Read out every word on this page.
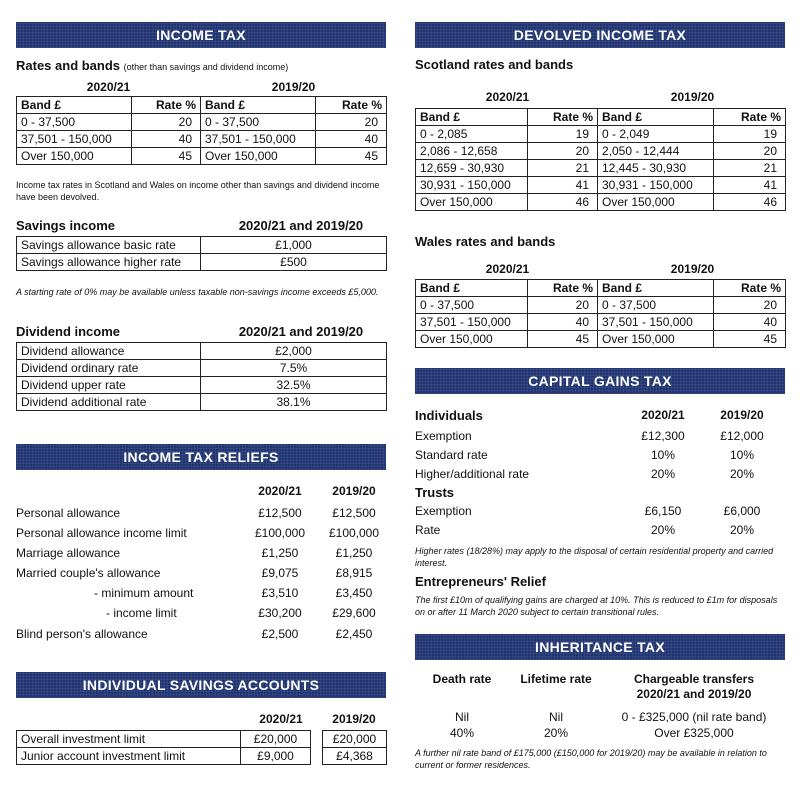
INCOME TAX
Rates and bands (other than savings and dividend income)
2020/21	2019/20
Band £	Rate %	Band £	Rate %
0 - 37,500	20	0 - 37,500	20
37,501 - 150,000	40	37,501 - 150,000	40
Over 150,000	45	Over 150,000	45
Income tax rates in Scotland and Wales on income other than savings and dividend income have been devolved.
Savings income	2020/21 and 2019/20
Savings allowance basic rate	£1,000
Savings allowance higher rate	£500
A starting rate of 0% may be available unless taxable non-savings income exceeds £5,000.
Dividend income	2020/21 and 2019/20
Dividend allowance	£2,000
Dividend ordinary rate	7.5%
Dividend upper rate	32.5%
Dividend additional rate	38.1%
INCOME TAX RELIEFS
2020/21	2019/20
Personal allowance	£12,500	£12,500
Personal allowance income limit	£100,000	£100,000
Marriage allowance	£1,250	£1,250
Married couple's allowance	£9,075	£8,915
- minimum amount	£3,510	£3,450
- income limit	£30,200	£29,600
Blind person's allowance	£2,500	£2,450
INDIVIDUAL SAVINGS ACCOUNTS
2020/21	2019/20
Overall investment limit	£20,000		£20,000
Junior account investment limit	£9,000		£4,368
DEVOLVED INCOME TAX
Scotland rates and bands
2020/21	2019/20
Band £	Rate %	Band £	Rate %
0 - 2,085	19	0 - 2,049	19
2,086 - 12,658	20	2,050 - 12,444	20
12,659 - 30,930	21	12,445 - 30,930	21
30,931 - 150,000	41	30,931 - 150,000	41
Over 150,000	46	Over 150,000	46
Wales rates and bands
2020/21	2019/20
Band £	Rate %	Band £	Rate %
0 - 37,500	20	0 - 37,500	20
37,501 - 150,000	40	37,501 - 150,000	40
Over 150,000	45	Over 150,000	45
CAPITAL GAINS TAX
Individuals	2020/21	2019/20
Exemption	£12,300	£12,000
Standard rate	10%	10%
Higher/additional rate	20%	20%
Trusts
Exemption	£6,150	£6,000
Rate	20%	20%
Higher rates (18/28%) may apply to the disposal of certain residential property and carried interest.
Entrepreneurs' Relief
The first £10m of qualifying gains are charged at 10%. This is reduced to £1m for disposals on or after 11 March 2020 subject to certain transitional rules.
INHERITANCE TAX
Death rate	Lifetime rate	Chargeable transfers
2020/21 and 2019/20
Nil	Nil	0 - £325,000 (nil rate band)
40%	20%	Over £325,000
A further nil rate band of £175,000 (£150,000 for 2019/20) may be available in relation to current or former residences.
